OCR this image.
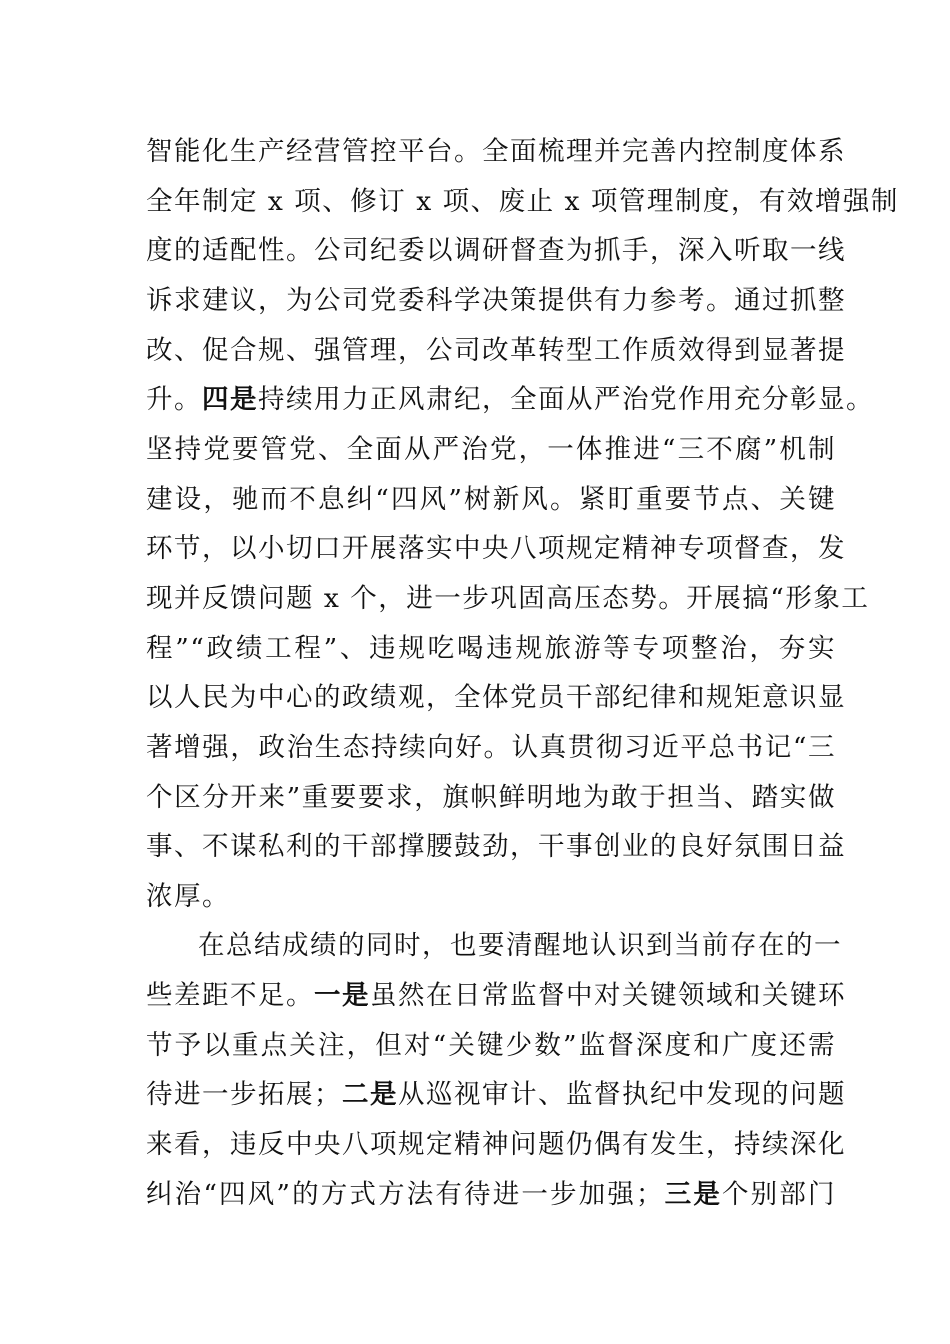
智能化生产经营管控平台。全面梳理并完善内控制度体系
全年制定 x 项、修订 x 项、废止 x 项管理制度，有效增强制
度的适配性。公司纪委以调研督查为抓手，深入听取一线
诉求建议，为公司党委科学决策提供有力参考。通过抓整
改、促合规、强管理，公司改革转型工作质效得到显著提
升。四是持续用力正风肃纪，全面从严治党作用充分彰显。
坚持党要管党、全面从严治党，一体推进“三不腐”机制
建设，驰而不息纠“四风”树新风。紧盯重要节点、关键
环节，以小切口开展落实中央八项规定精神专项督查，发
现并反馈问题 x 个，进一步巩固高压态势。开展搞“形象工
程”“政绩工程”、违规吃喝违规旅游等专项整治，夯实
以人民为中心的政绩观，全体党员干部纪律和规矩意识显
著增强，政治生态持续向好。认真贯彻习近平总书记“三
个区分开来”重要要求，旗帜鲜明地为敢于担当、踏实做
事、不谋私利的干部撑腰鼓劲，干事创业的良好氛围日益
浓厚。
在总结成绩的同时，也要清醒地认识到当前存在的一
些差距不足。一是虽然在日常监督中对关键领域和关键环
节予以重点关注，但对“关键少数”监督深度和广度还需
待进一步拓展；二是从巡视审计、监督执纪中发现的问题
来看，违反中央八项规定精神问题仍偶有发生，持续深化
纠治“四风”的方式方法有待进一步加强；三是个别部门
